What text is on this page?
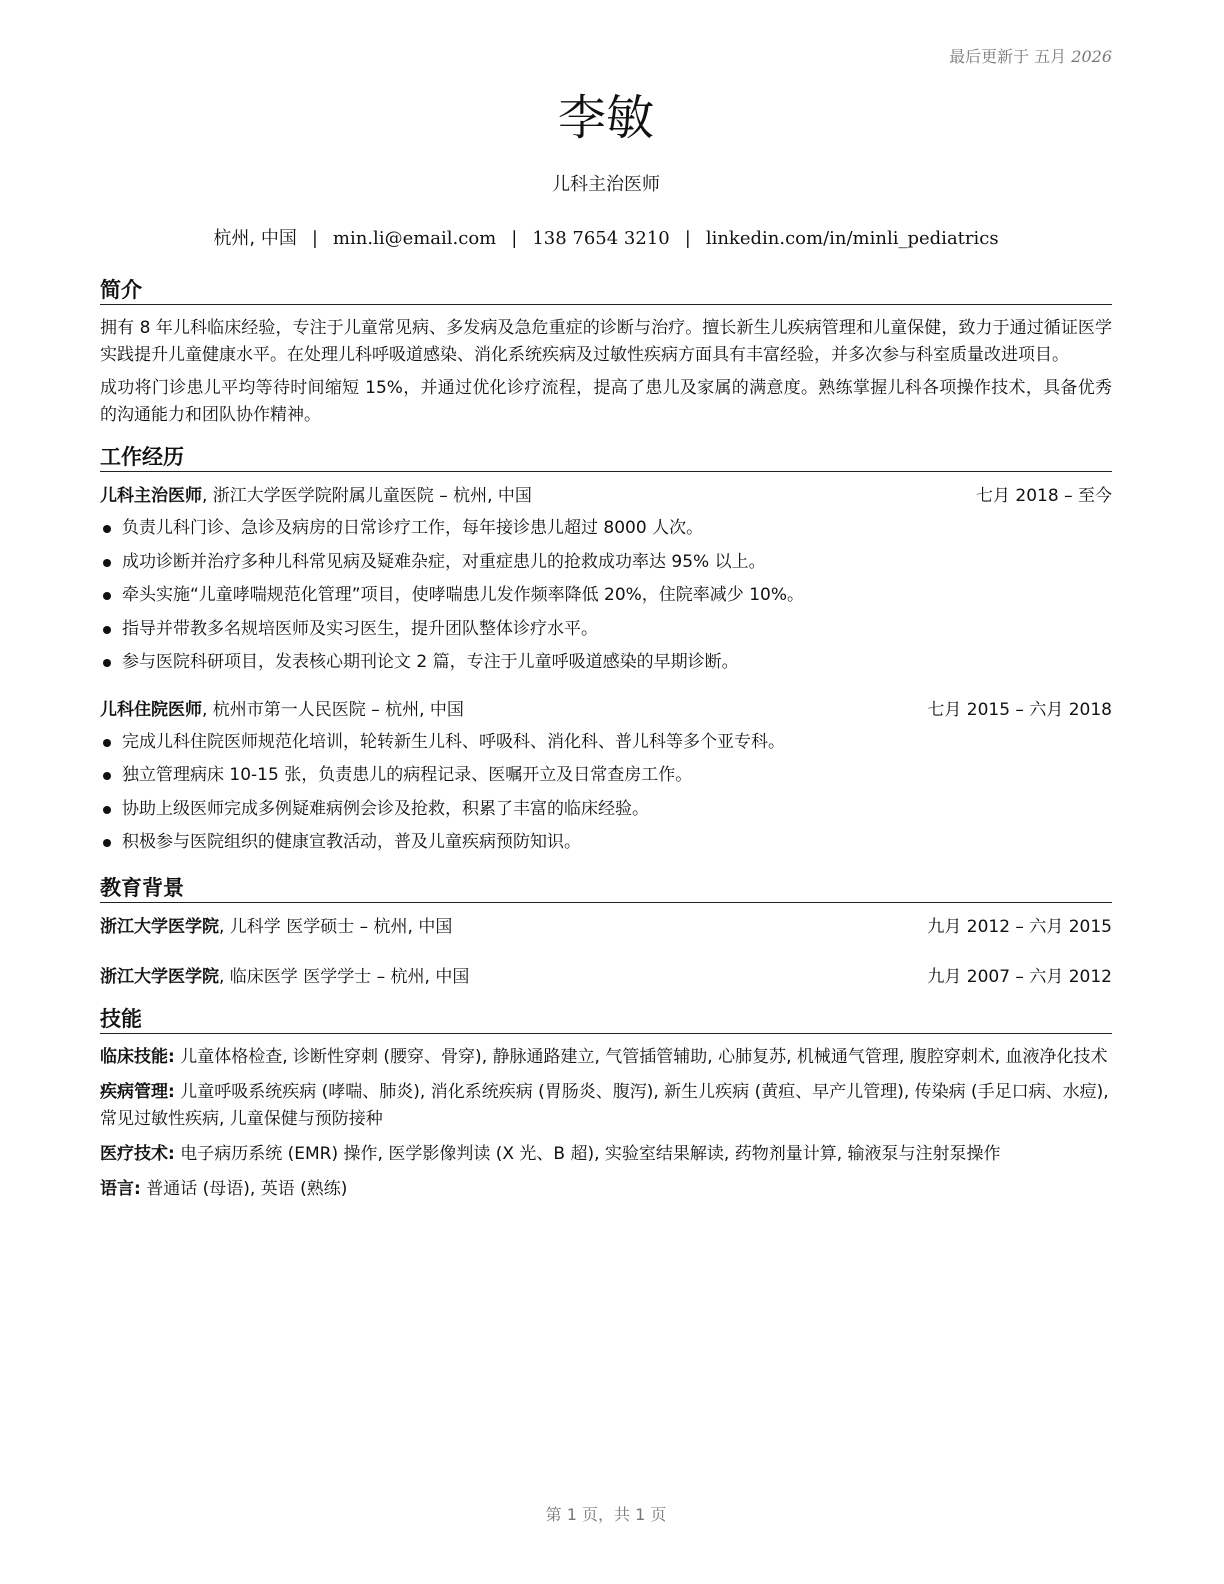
最后更新于 五月 2026
李敏
儿科主治医师
杭州, 中国 | min.li@email.com | 138 7654 3210 | linkedin.com/in/minli_pediatrics
简介

拥有 8 年儿科临床经验，专注于儿童常见病、多发病及急危重症的诊断与治疗。擅长新生儿疾病管理和儿童保健，致力于通过循证医学实践提升儿童健康水平。在处理儿科呼吸道感染、消化系统疾病及过敏性疾病方面具有丰富经验，并多次参与科室质量改进项目。

成功将门诊患儿平均等待时间缩短 15%，并通过优化诊疗流程，提高了患儿及家属的满意度。熟练掌握儿科各项操作技术，具备优秀的沟通能力和团队协作精神。

工作经历
儿科主治医师, 浙江大学医学院附属儿童医院 – 杭州, 中国	七月 2018 – 至今
负责儿科门诊、急诊及病房的日常诊疗工作，每年接诊患儿超过 8000 人次。
成功诊断并治疗多种儿科常见病及疑难杂症，对重症患儿的抢救成功率达 95% 以上。
牵头实施“儿童哮喘规范化管理”项目，使哮喘患儿发作频率降低 20%，住院率减少 10%。
指导并带教多名规培医师及实习医生，提升团队整体诊疗水平。
参与医院科研项目，发表核心期刊论文 2 篇，专注于儿童呼吸道感染的早期诊断。
儿科住院医师, 杭州市第一人民医院 – 杭州, 中国	七月 2015 – 六月 2018
完成儿科住院医师规范化培训，轮转新生儿科、呼吸科、消化科、普儿科等多个亚专科。
独立管理病床 10-15 张，负责患儿的病程记录、医嘱开立及日常查房工作。
协助上级医师完成多例疑难病例会诊及抢救，积累了丰富的临床经验。
积极参与医院组织的健康宣教活动，普及儿童疾病预防知识。
教育背景
浙江大学医学院, 儿科学 医学硕士 – 杭州, 中国	九月 2012 – 六月 2015
浙江大学医学院, 临床医学 医学学士 – 杭州, 中国	九月 2007 – 六月 2012
技能

临床技能: 儿童体格检查, 诊断性穿刺 (腰穿、骨穿), 静脉通路建立, 气管插管辅助, 心肺复苏, 机械通气管理, 腹腔穿刺术, 血液净化技术

疾病管理: 儿童呼吸系统疾病 (哮喘、肺炎), 消化系统疾病 (胃肠炎、腹泻), 新生儿疾病 (黄疸、早产儿管理), 传染病 (手足口病、水痘), 常见过敏性疾病, 儿童保健与预防接种

医疗技术: 电子病历系统 (EMR) 操作, 医学影像判读 (X 光、B 超), 实验室结果解读, 药物剂量计算, 输液泵与注射泵操作

语言: 普通话 (母语), 英语 (熟练)

第 1 页，共 1 页
